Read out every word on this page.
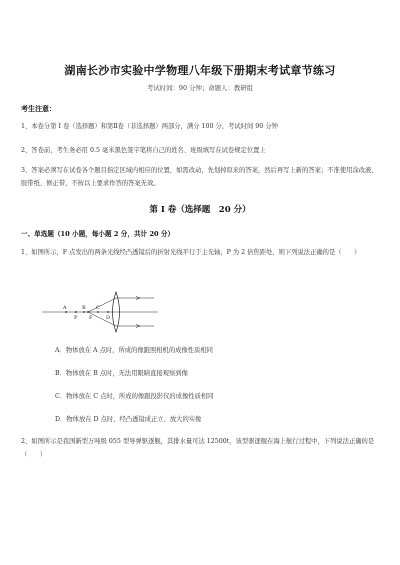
湖南长沙市实验中学物理八年级下册期末考试章节练习
考试时间：90 分钟；命题人：教研组
考生注意：
1、本卷分第 I 卷（选择题）和第Ⅱ卷（非选择题）两部分，满分 100 分，考试时间 90 分钟
2、答卷前，考生务必用 0.5 毫米黑色签字笔将自己的姓名、班级填写在试卷规定位置上
3、答案必须写在试卷各个题目指定区域内相应的位置，如需改动，先划掉原来的答案，然后再写上新的答案；不准使用涂改液、胶带纸、修正带，不按以上要求作答的答案无效。
第 I 卷（选择题　20 分）
一、单选题（10 小题，每小题 2 分，共计 20 分）
1、如图所示，F 点发出的两条光线经凸透镜后的折射光线平行于主光轴，P 为 2 倍焦距处，则下列说法正确的是（　　）
A
P
B
F
C
D
A．物体放在 A 点时，所成的像跟照相机的成像性质相同
B．物体放在 B 点时，无法用眼睛直接观察到像
C．物体放在 C 点时，所成的像跟投影仪的成像性质相同
D．物体放在 D 点时，经凸透镜成正立、放大的实像
2、如图所示是我国新型万吨级 055 型导弹驱逐舰，其排水量可达 12500t，该型驱逐舰在海上航行过程中，下列说法正确的是（　　）
